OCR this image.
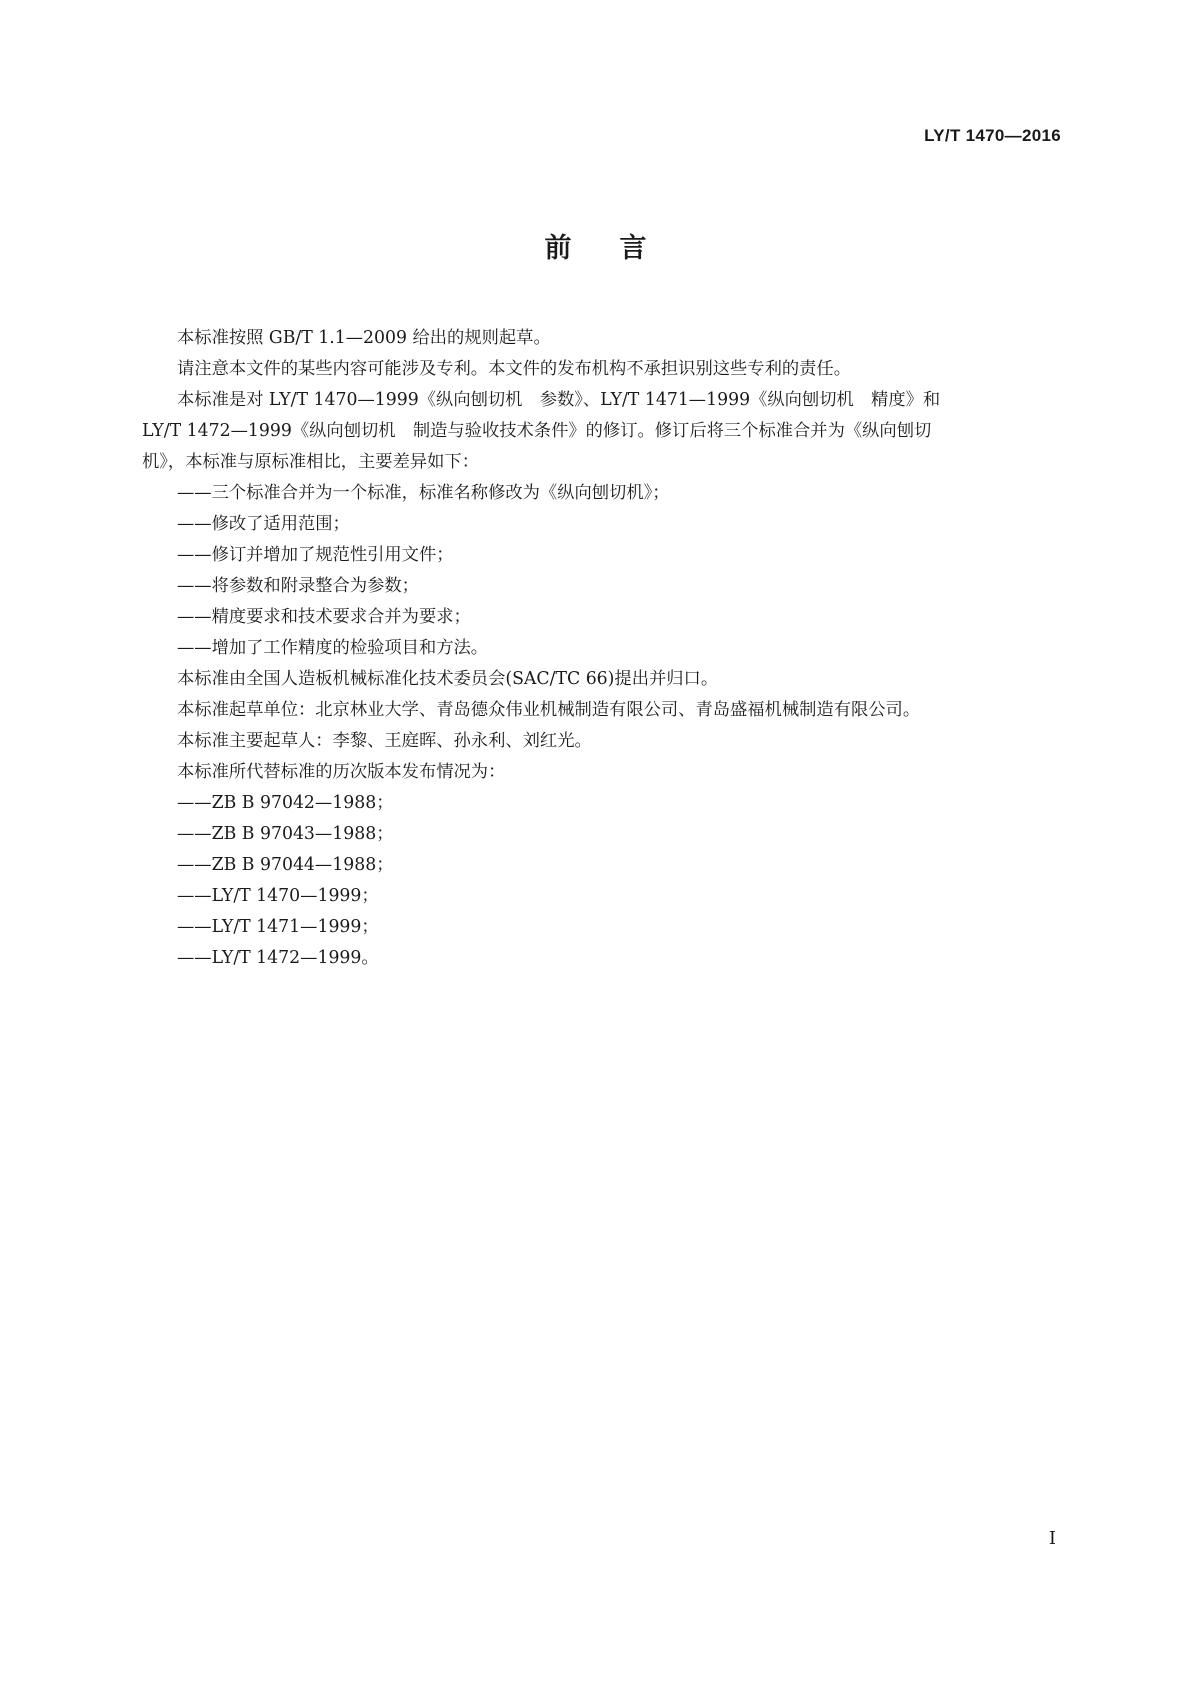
LY/T 1470—2016
前言
本标准按照 GB/T 1.1—2009 给出的规则起草。
请注意本文件的某些内容可能涉及专利。本文件的发布机构不承担识别这些专利的责任。
本标准是对 LY/T 1470—1999《纵向刨切机　参数》、LY/T 1471—1999《纵向刨切机　精度》和
LY/T 1472—1999《纵向刨切机　制造与验收技术条件》的修订。修订后将三个标准合并为《纵向刨切
机》，本标准与原标准相比，主要差异如下：
——三个标准合并为一个标准，标准名称修改为《纵向刨切机》；
——修改了适用范围；
——修订并增加了规范性引用文件；
——将参数和附录整合为参数；
——精度要求和技术要求合并为要求；
——增加了工作精度的检验项目和方法。
本标准由全国人造板机械标准化技术委员会(SAC/TC 66)提出并归口。
本标准起草单位：北京林业大学、青岛德众伟业机械制造有限公司、青岛盛福机械制造有限公司。
本标准主要起草人：李黎、王庭晖、孙永利、刘红光。
本标准所代替标准的历次版本发布情况为：
——ZB B 97042—1988；
——ZB B 97043—1988；
——ZB B 97044—1988；
——LY/T 1470—1999；
——LY/T 1471—1999；
——LY/T 1472—1999。
I
